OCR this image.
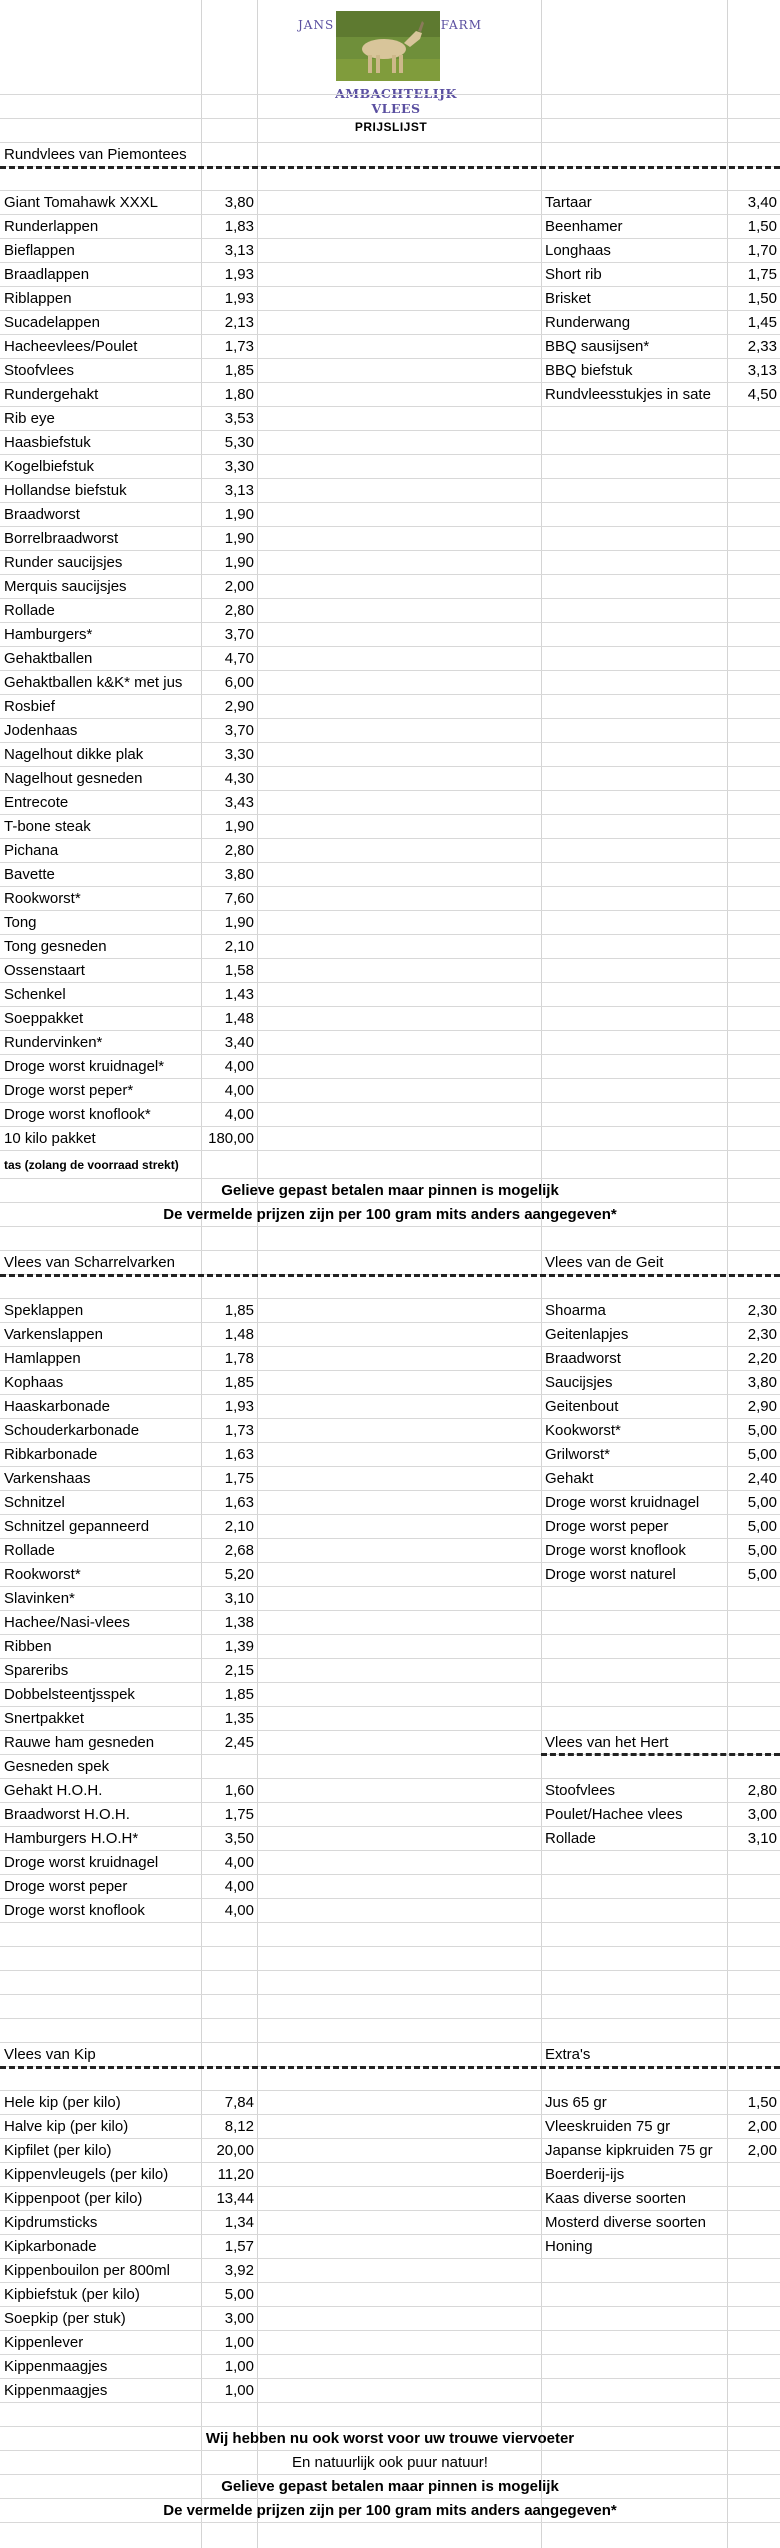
JANS	FARM
AMBACHTELIJK
VLEES
PRIJSLIJST
Rundvlees van Piemontees
Giant Tomahawk XXXL	3,80	Tartaar	3,40
Runderlappen	1,83	Beenhamer	1,50
Bieflappen	3,13	Longhaas	1,70
Braadlappen	1,93	Short rib	1,75
Riblappen	1,93	Brisket	1,50
Sucadelappen	2,13	Runderwang	1,45
Hacheevlees/Poulet	1,73	BBQ sausijsen*	2,33
Stoofvlees	1,85	BBQ biefstuk	3,13
Rundergehakt	1,80	Rundvleesstukjes in sate	4,50
Rib eye	3,53
Haasbiefstuk	5,30
Kogelbiefstuk	3,30
Hollandse biefstuk	3,13
Braadworst	1,90
Borrelbraadworst	1,90
Runder saucijsjes	1,90
Merquis saucijsjes	2,00
Rollade	2,80
Hamburgers*	3,70
Gehaktballen	4,70
Gehaktballen k&K* met jus	6,00
Rosbief	2,90
Jodenhaas	3,70
Nagelhout dikke plak	3,30
Nagelhout gesneden	4,30
Entrecote	3,43
T-bone steak	1,90
Pichana	2,80
Bavette	3,80
Rookworst*	7,60
Tong	1,90
Tong gesneden	2,10
Ossenstaart	1,58
Schenkel	1,43
Soeppakket	1,48
Rundervinken*	3,40
Droge worst kruidnagel*	4,00
Droge worst peper*	4,00
Droge worst knoflook*	4,00
10 kilo pakket	180,00
tas (zolang de voorraad strekt)
Gelieve gepast betalen maar pinnen is mogelijk
De vermelde prijzen zijn per 100 gram mits anders aangegeven*
Vlees van Scharrelvarken	Vlees van de Geit
Speklappen	1,85	Shoarma	2,30
Varkenslappen	1,48	Geitenlapjes	2,30
Hamlappen	1,78	Braadworst	2,20
Kophaas	1,85	Saucijsjes	3,80
Haaskarbonade	1,93	Geitenbout	2,90
Schouderkarbonade	1,73	Kookworst*	5,00
Ribkarbonade	1,63	Grilworst*	5,00
Varkenshaas	1,75	Gehakt	2,40
Schnitzel	1,63	Droge worst kruidnagel	5,00
Schnitzel gepanneerd	2,10	Droge worst peper	5,00
Rollade	2,68	Droge worst knoflook	5,00
Rookworst*	5,20	Droge worst naturel	5,00
Slavinken*	3,10
Hachee/Nasi-vlees	1,38
Ribben	1,39
Spareribs	2,15
Dobbelsteentjsspek	1,85
Snertpakket	1,35
Rauwe ham gesneden	2,45	Vlees van het Hert
Gesneden spek
Gehakt H.O.H.	1,60	Stoofvlees	2,80
Braadworst H.O.H.	1,75	Poulet/Hachee vlees	3,00
Hamburgers H.O.H*	3,50	Rollade	3,10
Droge worst kruidnagel	4,00
Droge worst peper	4,00
Droge worst knoflook	4,00
Vlees van Kip	Extra's
Hele kip (per kilo)	7,84	Jus 65 gr	1,50
Halve kip (per kilo)	8,12	Vleeskruiden 75 gr	2,00
Kipfilet (per kilo)	20,00	Japanse kipkruiden 75 gr	2,00
Kippenvleugels (per kilo)	11,20	Boerderij-ijs
Kippenpoot (per kilo)	13,44	Kaas diverse soorten
Kipdrumsticks	1,34	Mosterd diverse soorten
Kipkarbonade	1,57	Honing
Kippenbouilon per 800ml	3,92
Kipbiefstuk (per kilo)	5,00
Soepkip (per stuk)	3,00
Kippenlever	1,00
Kippenmaagjes	1,00
Kippenmaagjes	1,00
Wij hebben nu ook worst voor uw trouwe viervoeter
En natuurlijk ook puur natuur!
Gelieve gepast betalen maar pinnen is mogelijk
De vermelde prijzen zijn per 100 gram mits anders aangegeven*
